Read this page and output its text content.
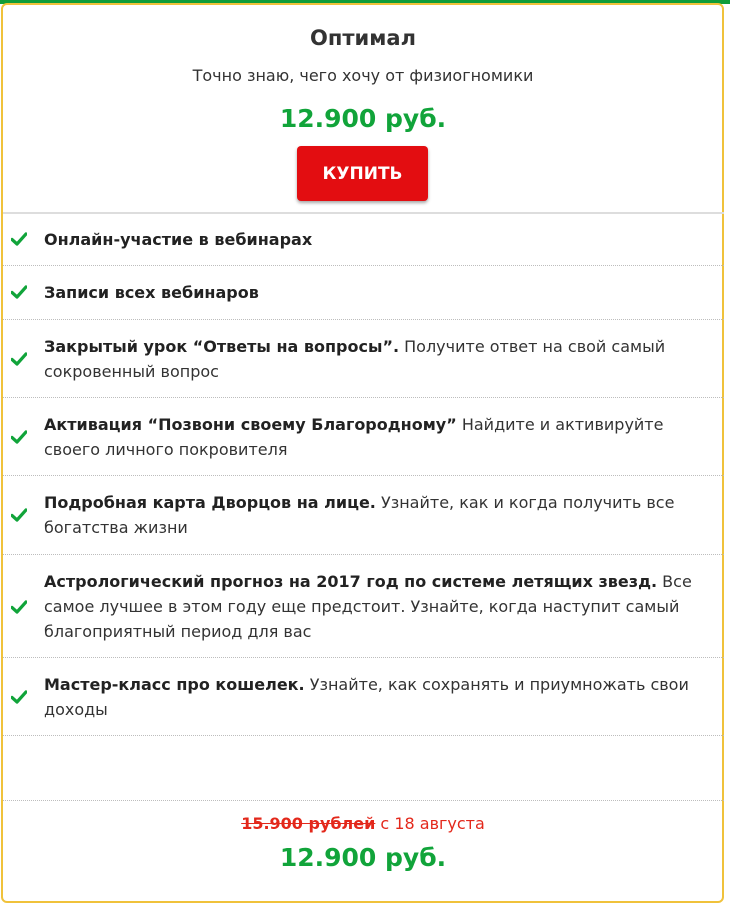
Оптимал
Точно знаю, чего хочу от физиогномики
12.900 руб.
КУПИТЬ
Онлайн-участие в вебинарах
Записи всех вебинаров
Закрытый урок “Ответы на вопросы”. Получите ответ на свой самый сокровенный вопрос
Активация “Позвони своему Благородному” Найдите и активируйте своего личного покровителя
Подробная карта Дворцов на лице. Узнайте, как и когда получить все богатства жизни
Астрологический прогноз на 2017 год по системе летящих звезд. Все самое лучшее в этом году еще предстоит. Узнайте, когда наступит самый благоприятный период для вас
Мастер-класс про кошелек. Узнайте, как сохранять и приумножать свои доходы
15.900 рублей с 18 августа
12.900 руб.
